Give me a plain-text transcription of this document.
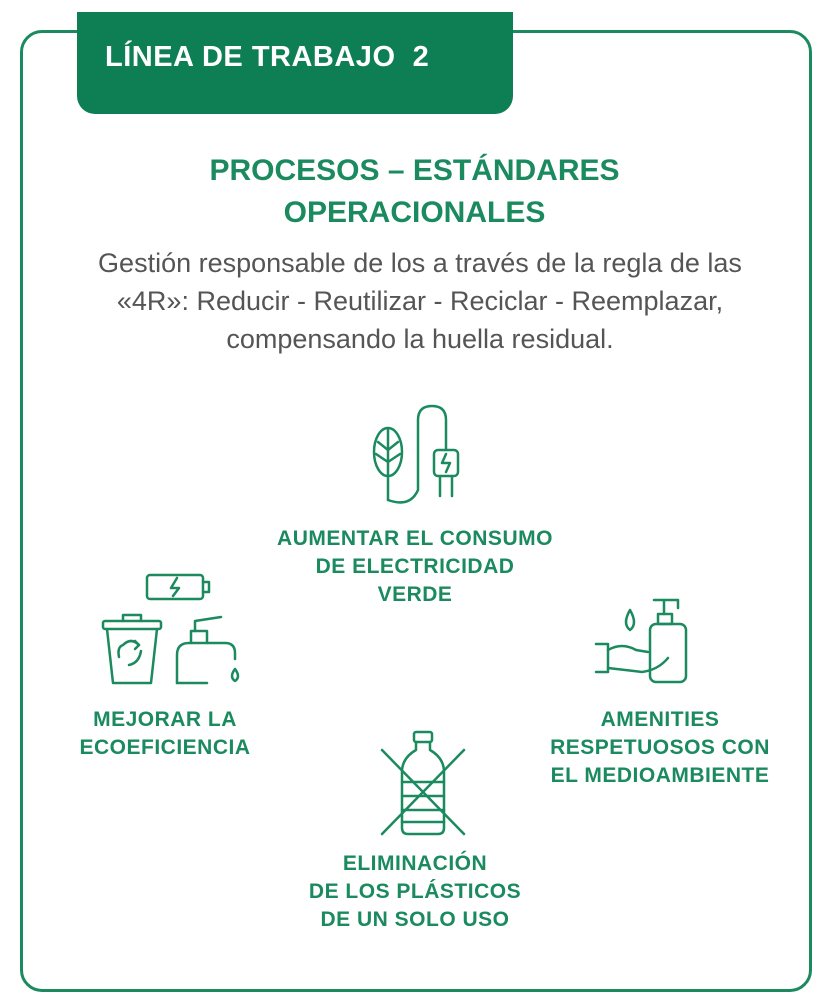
LÍNEA DE TRABAJO  2
PROCESOS – ESTÁNDARES
OPERACIONALES
Gestión responsable de los a través de la regla de las «4R»: Reducir - Reutilizar - Reciclar - Reemplazar, compensando la huella residual.
AUMENTAR EL CONSUMO
DE ELECTRICIDAD
VERDE
MEJORAR LA
ECOEFICIENCIA
AMENITIES
RESPETUOSOS CON
EL MEDIOAMBIENTE
ELIMINACIÓN
DE LOS PLÁSTICOS
DE UN SOLO USO
